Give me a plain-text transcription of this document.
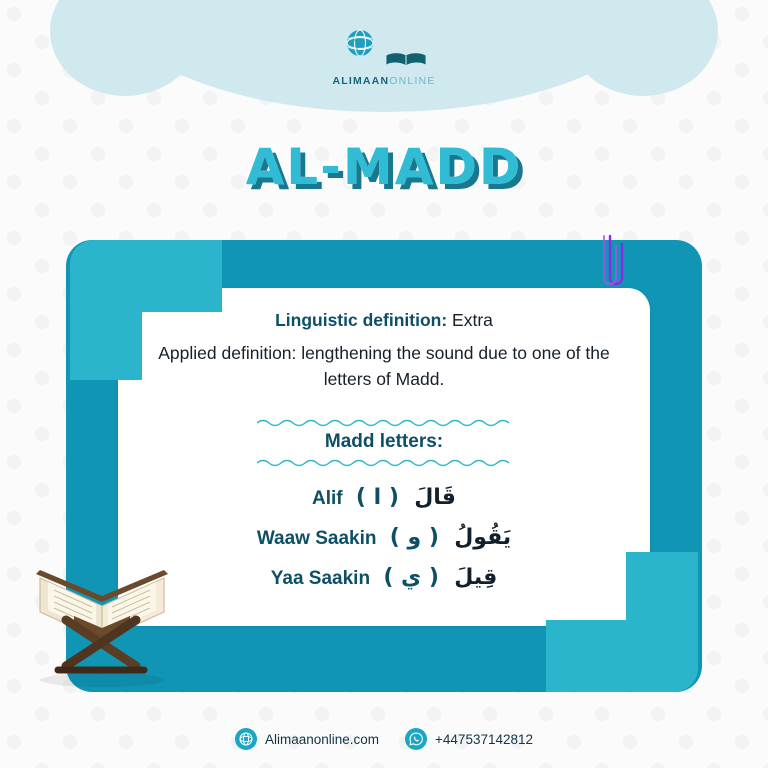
ALIMAANONLINE
AL-MADD
Linguistic definition: Extra
Applied definition: lengthening the sound due to one of the letters of Madd.
Madd letters:
Alif ( ا ) قَالَ
Waaw Saakin ( و ) يَقُولُ
Yaa Saakin ( ي ) قِيلَ
Alimaanonline.com	+447537142812
